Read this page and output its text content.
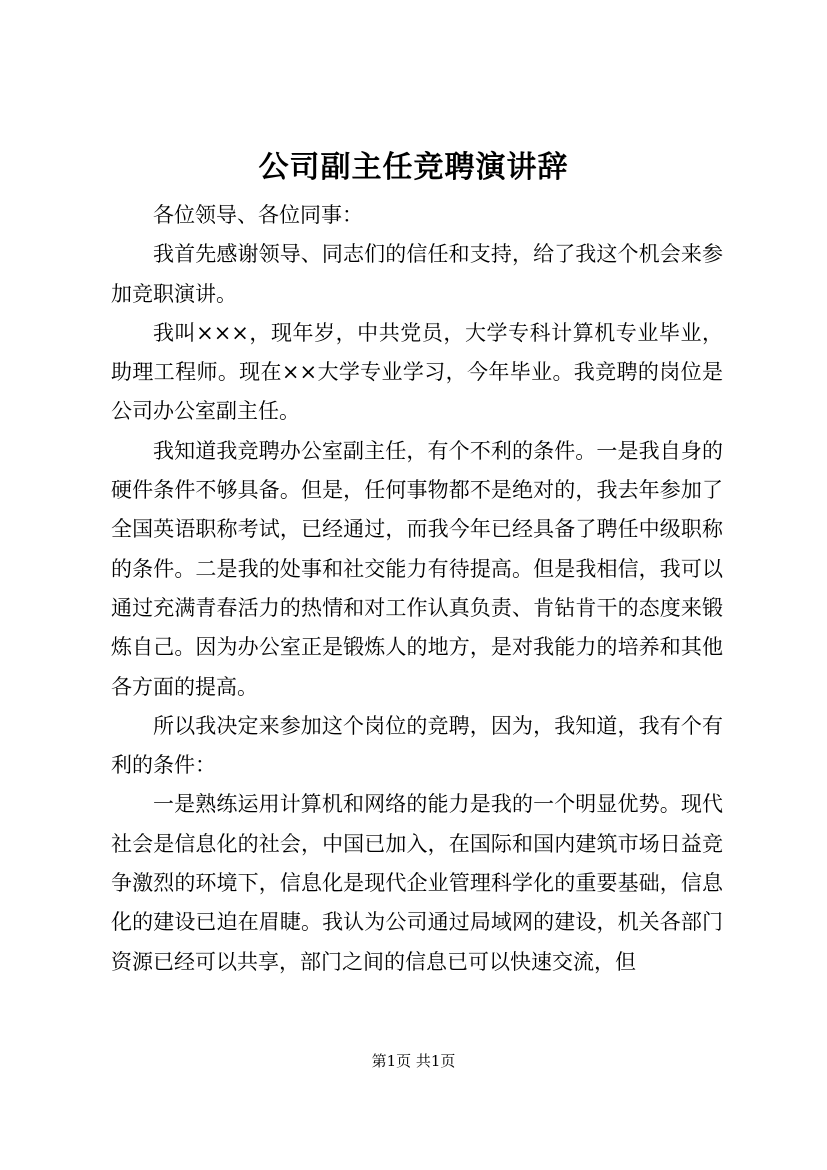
公司副主任竞聘演讲辞

各位领导、各位同事：

我首先感谢领导、同志们的信任和支持，给了我这个机会来参加竞职演讲。

我叫×××，现年岁，中共党员，大学专科计算机专业毕业，助理工程师。现在××大学专业学习，今年毕业。我竞聘的岗位是公司办公室副主任。

我知道我竞聘办公室副主任，有个不利的条件。一是我自身的硬件条件不够具备。但是，任何事物都不是绝对的，我去年参加了全国英语职称考试，已经通过，而我今年已经具备了聘任中级职称的条件。二是我的处事和社交能力有待提高。但是我相信，我可以通过充满青春活力的热情和对工作认真负责、肯钻肯干的态度来锻炼自己。因为办公室正是锻炼人的地方，是对我能力的培养和其他各方面的提高。

所以我决定来参加这个岗位的竞聘，因为，我知道，我有个有利的条件：

一是熟练运用计算机和网络的能力是我的一个明显优势。现代社会是信息化的社会，中国已加入，在国际和国内建筑市场日益竞争激烈的环境下，信息化是现代企业管理科学化的重要基础，信息化的建设已迫在眉睫。我认为公司通过局域网的建设，机关各部门资源已经可以共享，部门之间的信息已可以快速交流，但

第1页 共1页
